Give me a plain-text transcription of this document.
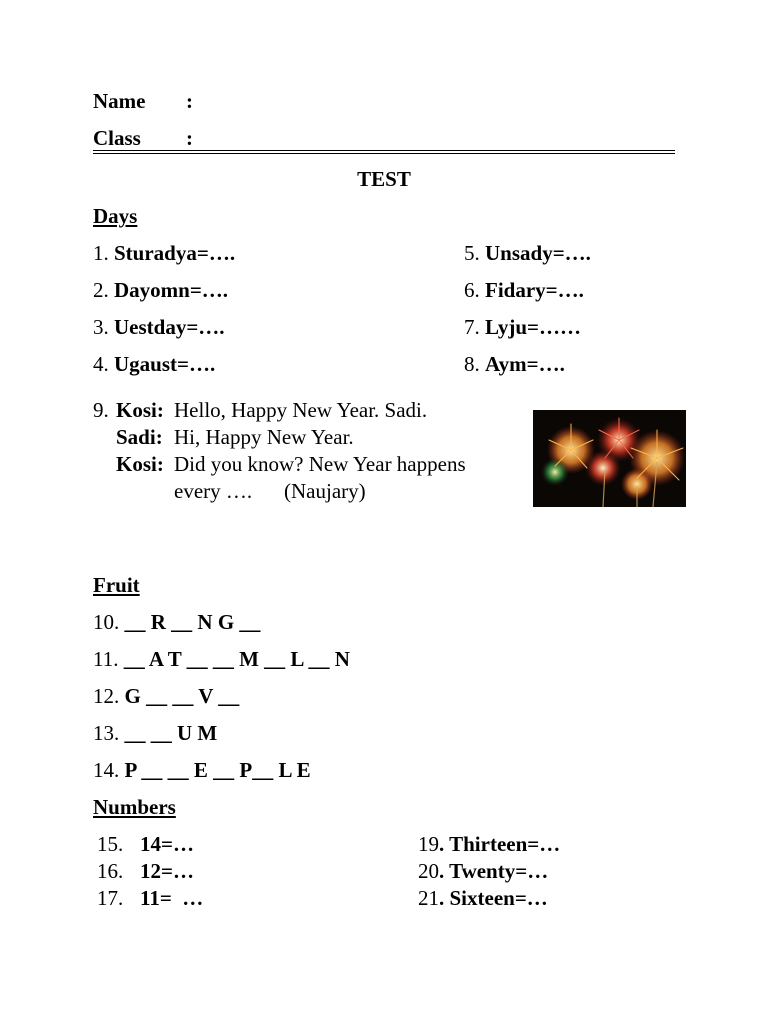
Name :
Class :
TEST
Days
1. Sturadya=….
2. Dayomn=….
3. Uestday=….
4. Ugaust=….
5. Unsady=….
6. Fidary=….
7. Lyju=……
8. Aym=….
9. Kosi: Hello, Happy New Year. Sadi.
Sadi: Hi, Happy New Year.
Kosi: Did you know? New Year happens
every …. (Naujary)
Fruit
10. __ R __ N G __
11. __ A T __ __ M __ L __ N
12. G __ __ V __
13. __ __ U M
14. P __ __ E __ P__ L E
Numbers
15. 14=…
16. 12=…
17. 11=  …
19. Thirteen=…
20. Twenty=…
21. Sixteen=…
